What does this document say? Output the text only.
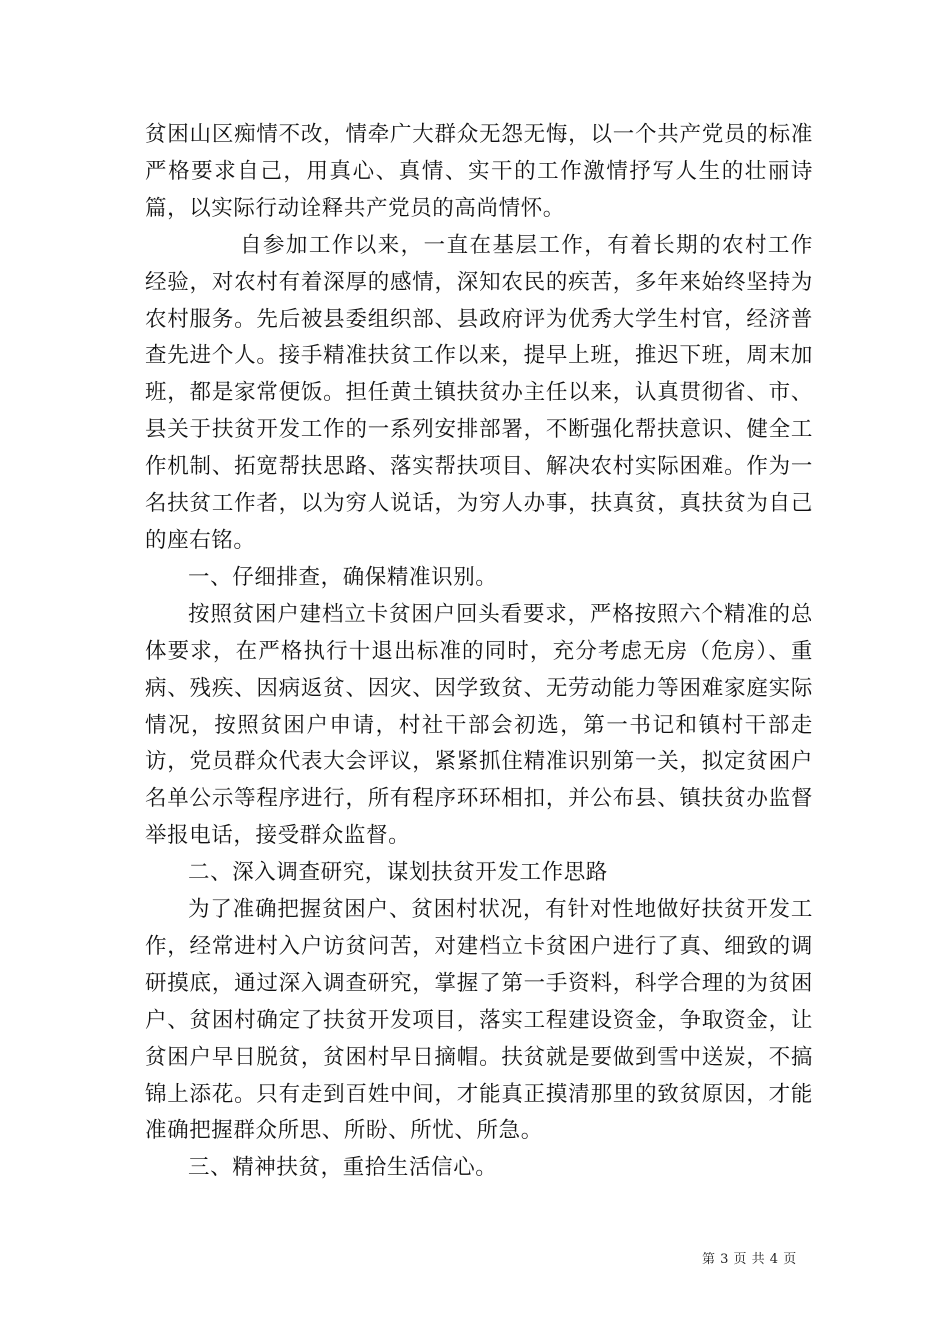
贫困山区痴情不改，情牵广大群众无怨无悔，以一个共产党员的标准严格要求自己，用真心、真情、实干的工作激情抒写人生的壮丽诗篇，以实际行动诠释共产党员的高尚情怀。

自参加工作以来，一直在基层工作，有着长期的农村工作经验，对农村有着深厚的感情，深知农民的疾苦，多年来始终坚持为农村服务。先后被县委组织部、县政府评为优秀大学生村官，经济普查先进个人。接手精准扶贫工作以来，提早上班，推迟下班，周末加班，都是家常便饭。担任黄土镇扶贫办主任以来，认真贯彻省、市、县关于扶贫开发工作的一系列安排部署，不断强化帮扶意识、健全工作机制、拓宽帮扶思路、落实帮扶项目、解决农村实际困难。作为一名扶贫工作者，以为穷人说话，为穷人办事，扶真贫，真扶贫为自己的座右铭。

一、仔细排查，确保精准识别。

按照贫困户建档立卡贫困户回头看要求，严格按照六个精准的总体要求，在严格执行十退出标准的同时，充分考虑无房（危房）、重病、残疾、因病返贫、因灾、因学致贫、无劳动能力等困难家庭实际情况，按照贫困户申请，村社干部会初选，第一书记和镇村干部走访，党员群众代表大会评议，紧紧抓住精准识别第一关，拟定贫困户名单公示等程序进行，所有程序环环相扣，并公布县、镇扶贫办监督举报电话，接受群众监督。

二、深入调查研究，谋划扶贫开发工作思路

为了准确把握贫困户、贫困村状况，有针对性地做好扶贫开发工作，经常进村入户访贫问苦，对建档立卡贫困户进行了真、细致的调研摸底，通过深入调查研究，掌握了第一手资料，科学合理的为贫困户、贫困村确定了扶贫开发项目，落实工程建设资金，争取资金，让贫困户早日脱贫，贫困村早日摘帽。扶贫就是要做到雪中送炭，不搞锦上添花。只有走到百姓中间，才能真正摸清那里的致贫原因，才能准确把握群众所思、所盼、所忧、所急。

三、精神扶贫，重拾生活信心。

第 3 页 共 4 页
